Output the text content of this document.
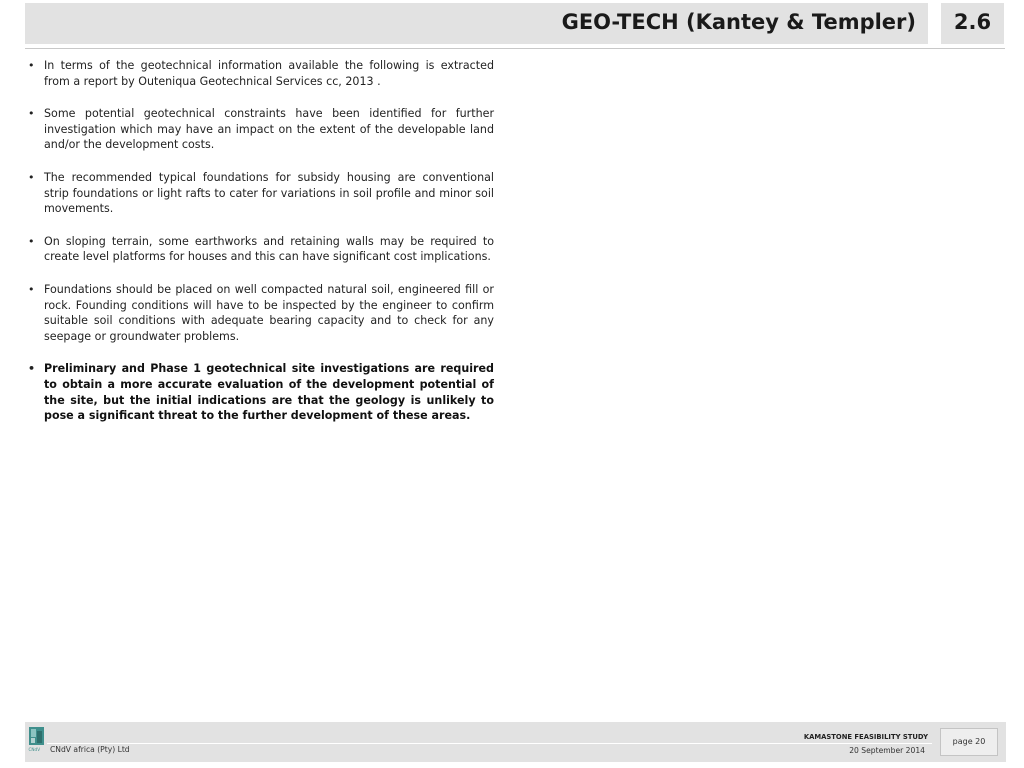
GEO-TECH (Kantey & Templer)	2.6
• In terms of the geotechnical information available the following is extracted from a report by Outeniqua Geotechnical Services cc, 2013 .
• Some potential geotechnical constraints have been identified for further investigation which may have an impact on the extent of the developable land and/or the development costs.
• The recommended typical foundations for subsidy housing are conventional strip foundations or light rafts to cater for variations in soil profile and minor soil movements.
• On sloping terrain, some earthworks and retaining walls may be required to create level platforms for houses and this can have significant cost implications.
• Foundations should be placed on well compacted natural soil, engineered fill or rock. Founding conditions will have to be inspected by the engineer to confirm suitable soil conditions with adequate bearing capacity and to check for any seepage or groundwater problems.
• Preliminary and Phase 1 geotechnical site investigations are required to obtain a more accurate evaluation of the development potential of the site, but the initial indications are that the geology is unlikely to pose a significant threat to the further development of these areas.
CNdV CNdV africa (Pty) Ltd
KAMASTONE FEASIBILITY STUDY
20 September 2014
page 20
